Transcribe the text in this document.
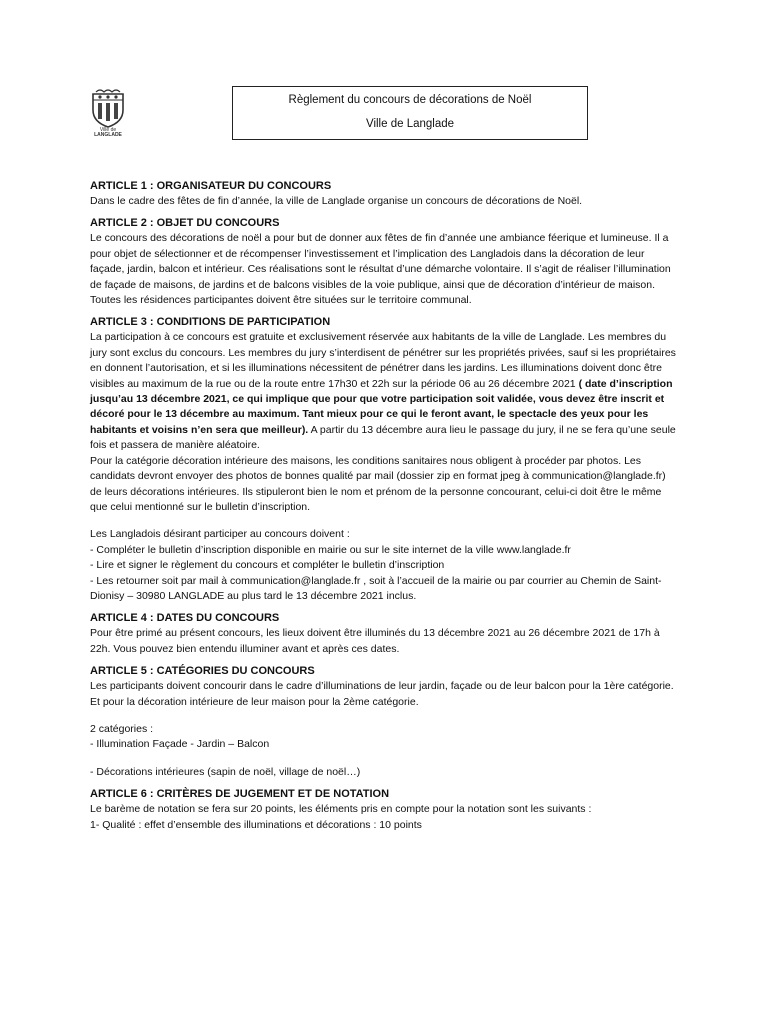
Ville de
LANGLADE
Règlement du concours de décorations de Noël
Ville de Langlade
ARTICLE 1 : ORGANISATEUR DU CONCOURS

Dans le cadre des fêtes de fin d’année, la ville de Langlade organise un concours de décorations de Noël.

ARTICLE 2 : OBJET DU CONCOURS

Le concours des décorations de noël a pour but de donner aux fêtes de fin d’année une ambiance féerique et lumineuse. Il a pour objet de sélectionner et de récompenser l’investissement et l’implication des Langladois dans la décoration de leur façade, jardin, balcon et intérieur. Ces réalisations sont le résultat d’une démarche volontaire. Il s’agit de réaliser l’illumination de façade de maisons, de jardins et de balcons visibles de la voie publique, ainsi que de décoration d’intérieur de maison. Toutes les résidences participantes doivent être situées sur le territoire communal.

ARTICLE 3 : CONDITIONS DE PARTICIPATION

La participation à ce concours est gratuite et exclusivement réservée aux habitants de la ville de Langlade. Les membres du jury sont exclus du concours. Les membres du jury s’interdisent de pénétrer sur les propriétés privées, sauf si les propriétaires en donnent l’autorisation, et si les illuminations nécessitent de pénétrer dans les jardins. Les illuminations doivent donc être visibles au maximum de la rue ou de la route entre 17h30 et 22h sur la période 06 au 26 décembre 2021 ( date d’inscription jusqu’au 13 décembre 2021, ce qui implique que pour que votre participation soit validée, vous devez être inscrit et décoré pour le 13 décembre au maximum. Tant mieux pour ce qui le feront avant, le spectacle des yeux pour les habitants et voisins n’en sera que meilleur). A partir du 13 décembre aura lieu le passage du jury, il ne se fera qu’une seule fois et passera de manière aléatoire.

Pour la catégorie décoration intérieure des maisons, les conditions sanitaires nous obligent à procéder par photos. Les candidats devront envoyer des photos de bonnes qualité par mail (dossier zip en format jpeg à communication@langlade.fr) de leurs décorations intérieures. Ils stipuleront bien le nom et prénom de la personne concourant, celui-ci doit être le même que celui mentionné sur le bulletin d’inscription.

Les Langladois désirant participer au concours doivent :

- Compléter le bulletin d’inscription disponible en mairie ou sur le site internet de la ville www.langlade.fr

- Lire et signer le règlement du concours et compléter le bulletin d’inscription

- Les retourner soit par mail à communication@langlade.fr , soit à l’accueil de la mairie ou par courrier au Chemin de Saint-Dionisy – 30980 LANGLADE au plus tard le 13 décembre 2021 inclus.

ARTICLE 4 : DATES DU CONCOURS

Pour être primé au présent concours, les lieux doivent être illuminés du 13 décembre 2021 au 26 décembre 2021 de 17h à 22h. Vous pouvez bien entendu illuminer avant et après ces dates.

ARTICLE 5 : CATÉGORIES DU CONCOURS

Les participants doivent concourir dans le cadre d’illuminations de leur jardin, façade ou de leur balcon pour la 1ère catégorie. Et pour la décoration intérieure de leur maison pour la 2ème catégorie.

2 catégories :

- Illumination Façade - Jardin – Balcon

- Décorations intérieures (sapin de noël, village de noël…)

ARTICLE 6 : CRITÈRES DE JUGEMENT ET DE NOTATION

Le barème de notation se fera sur 20 points, les éléments pris en compte pour la notation sont les suivants :

1- Qualité : effet d’ensemble des illuminations et décorations : 10 points
